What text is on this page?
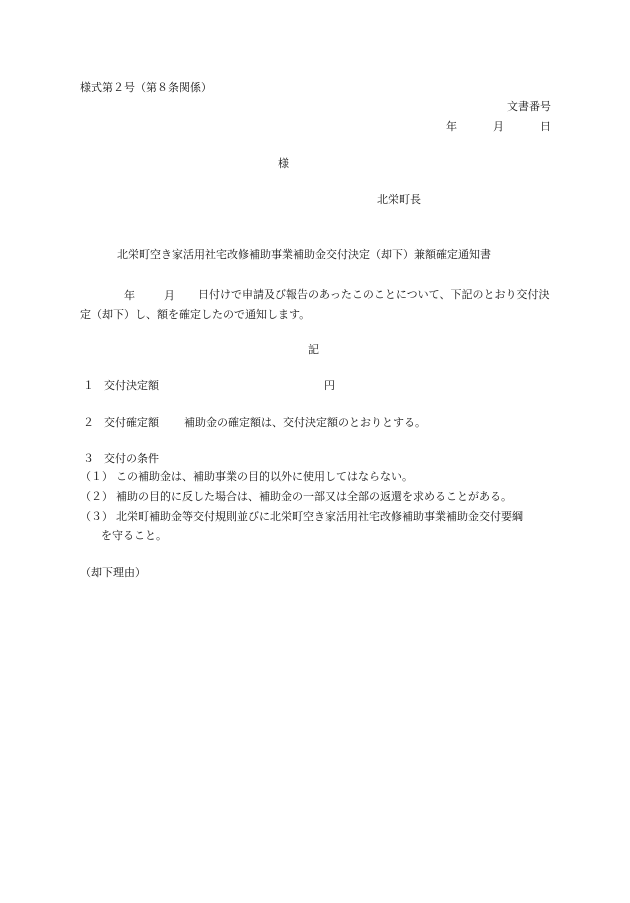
様式第２号（第８条関係）
文書番号
年	月	日
様
北栄町長
北栄町空き家活用社宅改修補助事業補助金交付決定（却下）兼額確定通知書
年	月	日付けで申請及び報告のあったこのことについて、下記のとおり交付決定（却下）し、額を確定したので通知します。
記
１ 交付決定額	円
２ 交付確定額 補助金の確定額は、交付決定額のとおりとする。
３ 交付の条件
（１） この補助金は、補助事業の目的以外に使用してはならない。
（２） 補助の目的に反した場合は、補助金の一部又は全部の返還を求めることがある。
（３） 北栄町補助金等交付規則並びに北栄町空き家活用社宅改修補助事業補助金交付要綱
を守ること。
（却下理由）
